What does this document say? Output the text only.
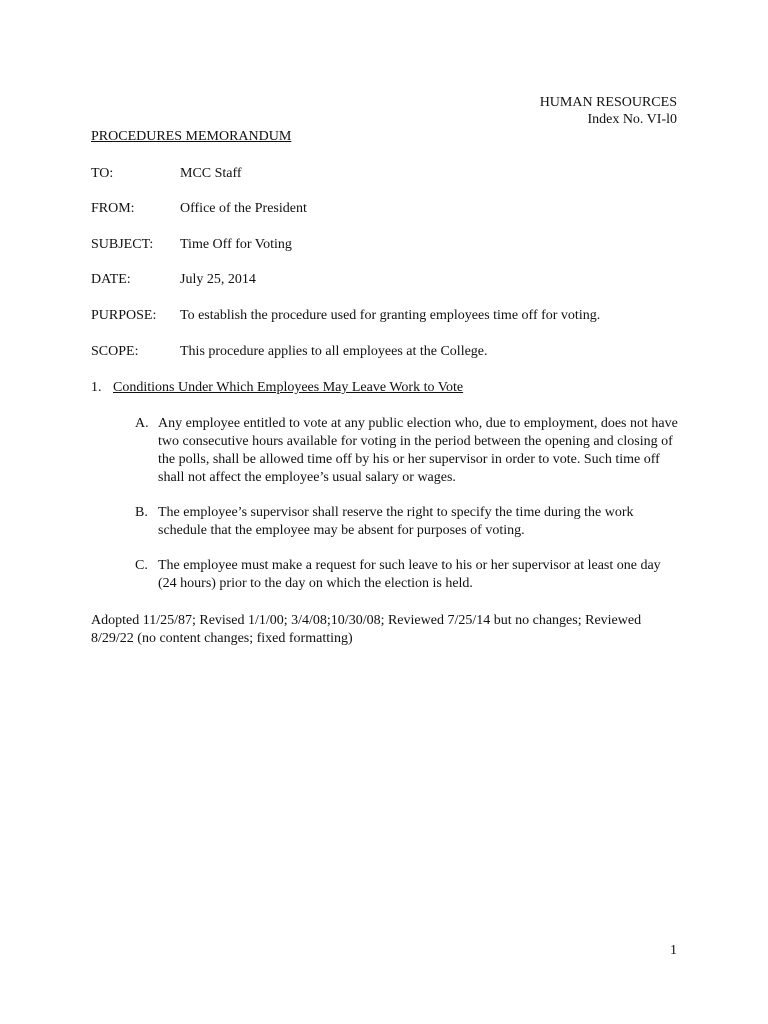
HUMAN RESOURCES
Index No. VI-l0
PROCEDURES MEMORANDUM
TO:	MCC Staff
FROM:	Office of the President
SUBJECT: Time Off for Voting
DATE:	July 25, 2014
PURPOSE: To establish the procedure used for granting employees time off for voting.
SCOPE:	This procedure applies to all employees at the College.
1. Conditions Under Which Employees May Leave Work to Vote
A. Any employee entitled to vote at any public election who, due to employment, does not have two consecutive hours available for voting in the period between the opening and closing of the polls, shall be allowed time off by his or her supervisor in order to vote. Such time off shall not affect the employee’s usual salary or wages.
B. The employee’s supervisor shall reserve the right to specify the time during the work schedule that the employee may be absent for purposes of voting.
C. The employee must make a request for such leave to his or her supervisor at least one day (24 hours) prior to the day on which the election is held.
Adopted 11/25/87; Revised 1/1/00; 3/4/08;10/30/08; Reviewed 7/25/14 but no changes; Reviewed 8/29/22 (no content changes; fixed formatting)
1
